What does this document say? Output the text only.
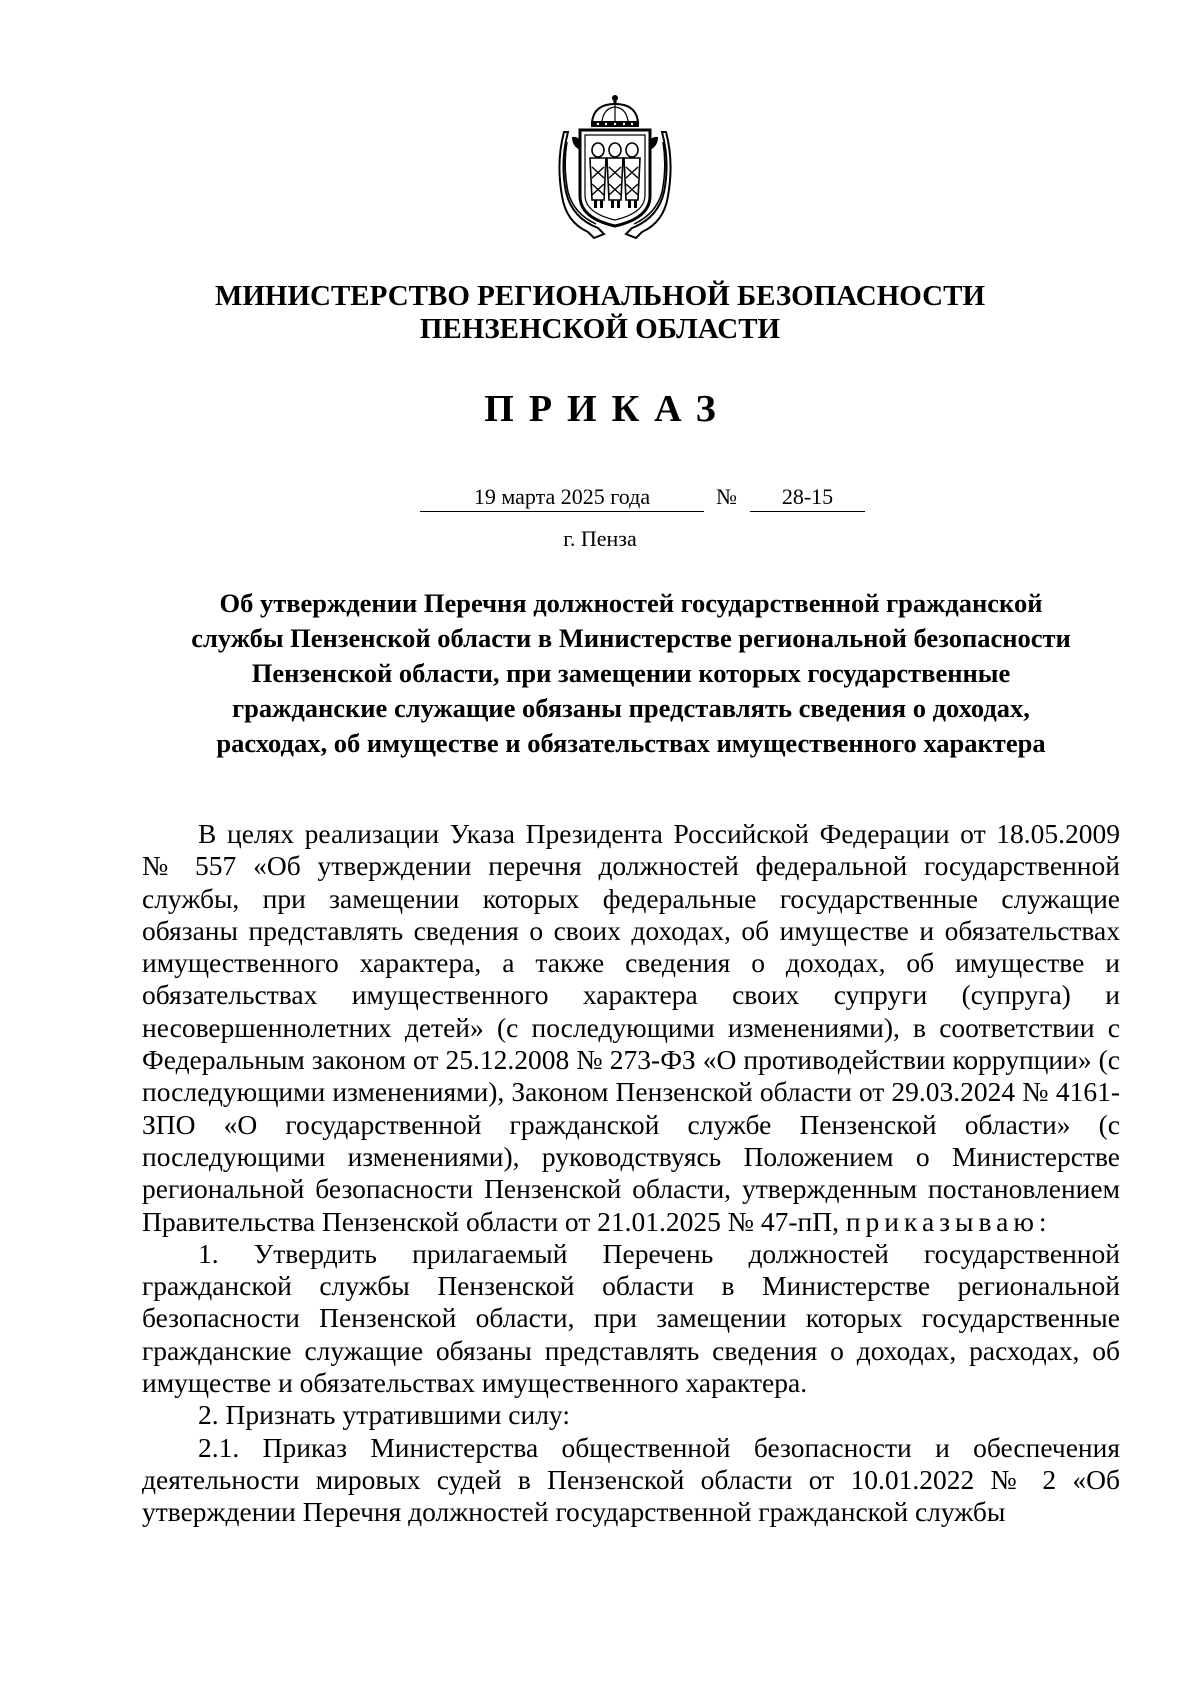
МИНИСТЕРСТВО РЕГИОНАЛЬНОЙ БЕЗОПАСНОСТИ
ПЕНЗЕНСКОЙ ОБЛАСТИ
ПРИКАЗ
19 марта 2025 года	№	28-15
г. Пенза
Об утверждении Перечня должностей государственной гражданской
службы Пензенской области в Министерстве региональной безопасности
Пензенской области, при замещении которых государственные
гражданские служащие обязаны представлять сведения о доходах,
расходах, об имуществе и обязательствах имущественного характера

В целях реализации Указа Президента Российской Федерации от 18.05.2009 № 557 «Об утверждении перечня должностей федеральной государственной службы, при замещении которых федеральные государственные служащие обязаны представлять сведения о своих доходах, об имуществе и обязательствах имущественного характера, а также сведения о доходах, об имуществе и обязательствах имущественного характера своих супруги (супруга) и несовершеннолетних детей» (с последующими изменениями), в соответствии с Федеральным законом от 25.12.2008 № 273-ФЗ «О противодействии коррупции» (с последующими изменениями), Законом Пензенской области от 29.03.2024 № 4161-ЗПО «О государственной гражданской службе Пензенской области» (с последующими изменениями), руководствуясь Положением о Министерстве региональной безопасности Пензенской области, утвержденным постановлением Правительства Пензенской области от 21.01.2025 № 47-пП, приказываю:

1. Утвердить прилагаемый Перечень должностей государственной гражданской службы Пензенской области в Министерстве региональной безопасности Пензенской области, при замещении которых государственные гражданские служащие обязаны представлять сведения о доходах, расходах, об имуществе и обязательствах имущественного характера.

2. Признать утратившими силу:

2.1. Приказ Министерства общественной безопасности и обеспечения деятельности мировых судей в Пензенской области от 10.01.2022 № 2 «Об утверждении Перечня должностей государственной гражданской службы
